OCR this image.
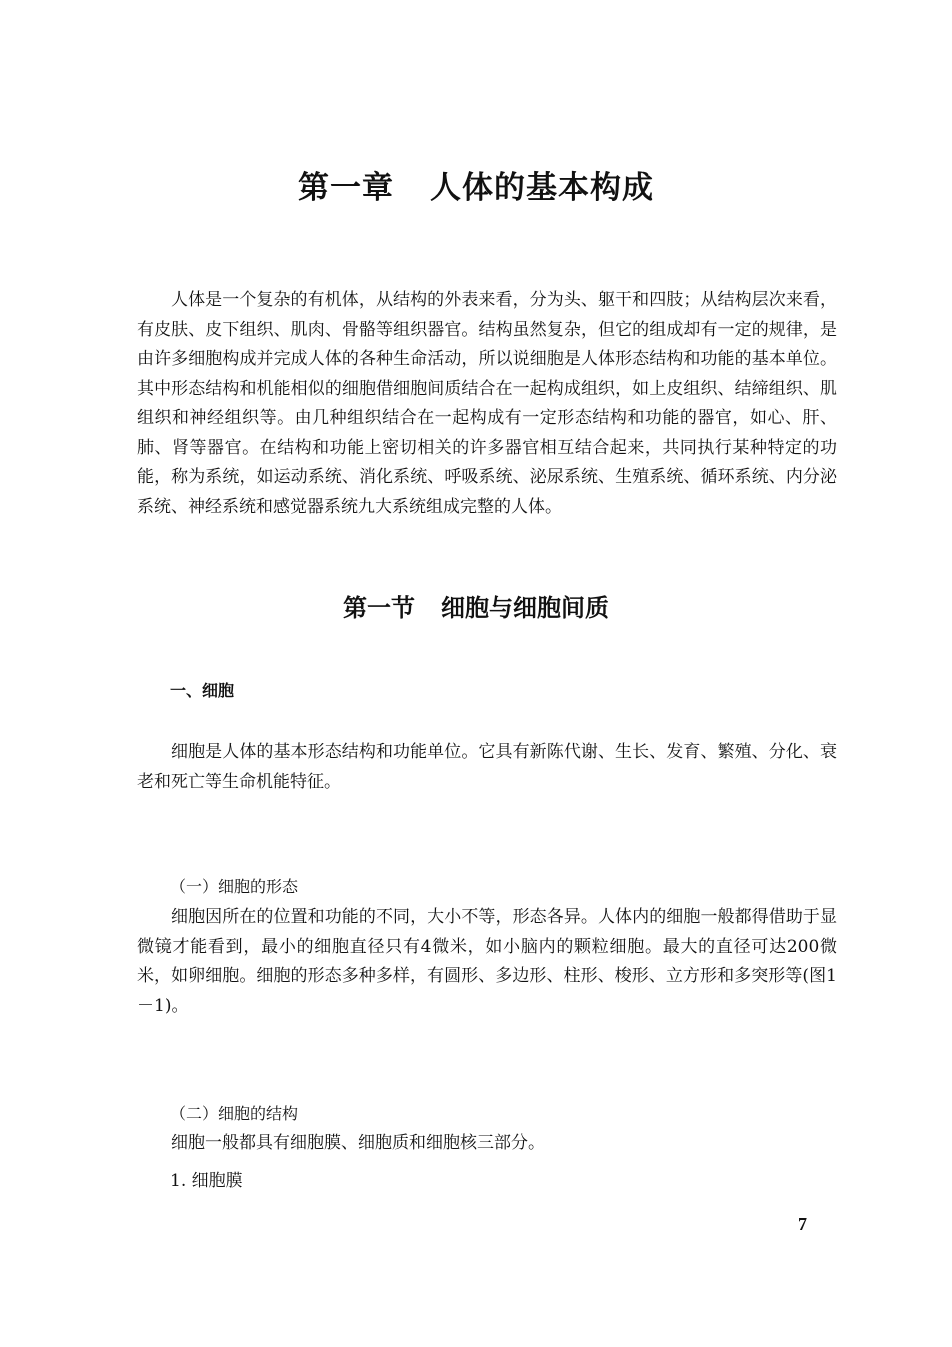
第一章 人体的基本构成

人体是一个复杂的有机体，从结构的外表来看，分为头、躯干和四肢；从结构层次来看，有皮肤、皮下组织、肌肉、骨骼等组织器官。结构虽然复杂，但它的组成却有一定的规律，是由许多细胞构成并完成人体的各种生命活动，所以说细胞是人体形态结构和功能的基本单位。其中形态结构和机能相似的细胞借细胞间质结合在一起构成组织，如上皮组织、结缔组织、肌组织和神经组织等。由几种组织结合在一起构成有一定形态结构和功能的器官，如心、肝、肺、肾等器官。在结构和功能上密切相关的许多器官相互结合起来，共同执行某种特定的功能，称为系统，如运动系统、消化系统、呼吸系统、泌尿系统、生殖系统、循环系统、内分泌系统、神经系统和感觉器系统九大系统组成完整的人体。

第一节 细胞与细胞间质
一、细胞

细胞是人体的基本形态结构和功能单位。它具有新陈代谢、生长、发育、繁殖、分化、衰老和死亡等生命机能特征。

（一）细胞的形态

细胞因所在的位置和功能的不同，大小不等，形态各异。人体内的细胞一般都得借助于显微镜才能看到，最小的细胞直径只有4微米，如小脑内的颗粒细胞。最大的直径可达200微米，如卵细胞。细胞的形态多种多样，有圆形、多边形、柱形、梭形、立方形和多突形等(图1－1)。

（二）细胞的结构

细胞一般都具有细胞膜、细胞质和细胞核三部分。

1. 细胞膜

7
